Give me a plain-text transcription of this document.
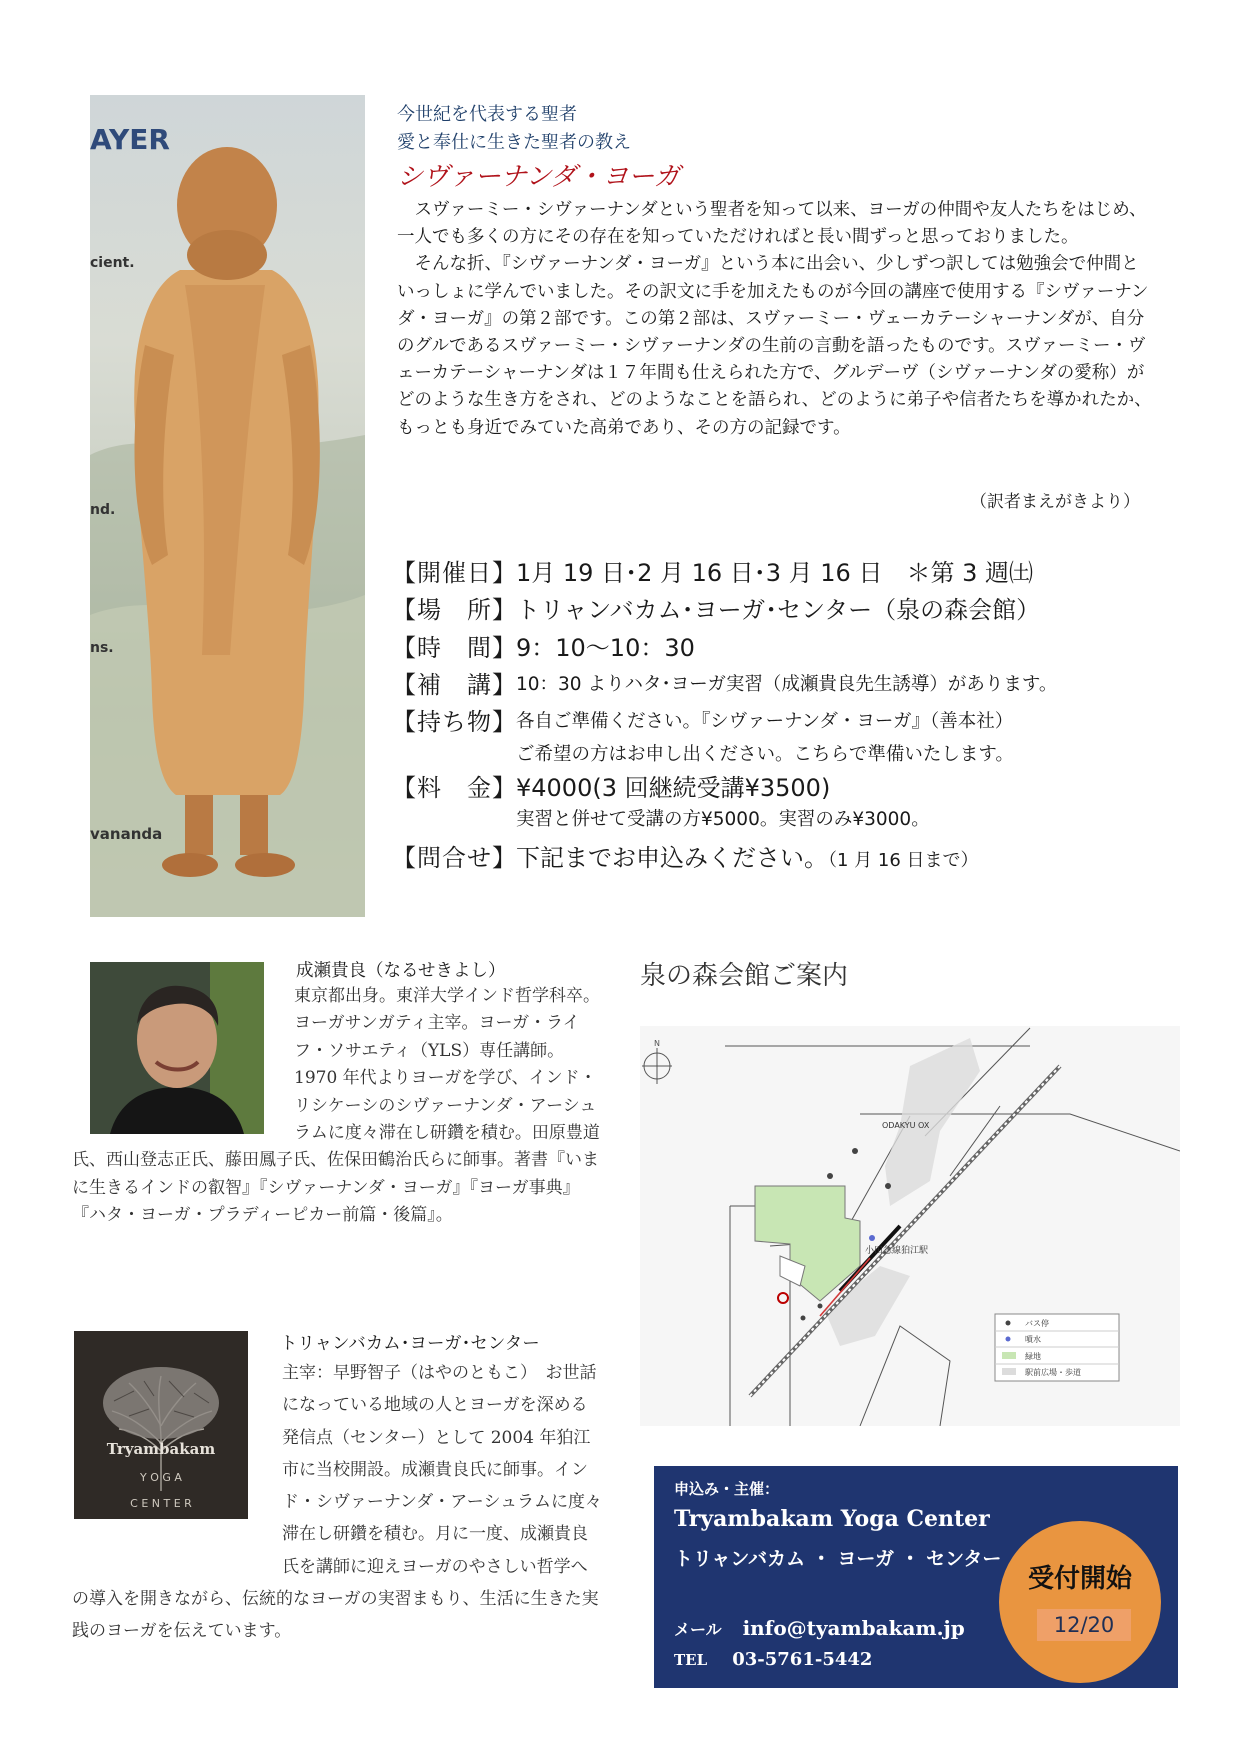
AYER
cient.
nd.
ns.
vananda
今世紀を代表する聖者
愛と奉仕に生きた聖者の教え
シヴァーナンダ・ヨーガ

スヴァーミー・シヴァーナンダという聖者を知って以来、ヨーガの仲間や友人たちをはじめ、一人でも多くの方にその存在を知っていただければと長い間ずっと思っておりました。

そんな折、『シヴァーナンダ・ヨーガ』という本に出会い、少しずつ訳しては勉強会で仲間といっしょに学んでいました。その訳文に手を加えたものが今回の講座で使用する『シヴァーナンダ・ヨーガ』の第２部です。この第２部は、スヴァーミー・ヴェーカテーシャーナンダが、自分のグルであるスヴァーミー・シヴァーナンダの生前の言動を語ったものです。スヴァーミー・ヴェーカテーシャーナンダは１７年間も仕えられた方で、グルデーヴ（シヴァーナンダの愛称）がどのような生き方をされ、どのようなことを語られ、どのように弟子や信者たちを導かれたか、もっとも身近でみていた高弟であり、その方の記録です。

（訳者まえがきより）
【開催日】 1月 19 日･2 月 16 日･3 月 16 日　＊第 3 週㈯
【場　所】 トリャンバカム･ヨーガ･センター（泉の森会館）
【時　間】 9：10～10：30
【補　講】 10：30 よりハタ･ヨーガ実習（成瀬貴良先生誘導）があります。
【持ち物】 各自ご準備ください。『シヴァーナンダ・ヨーガ』（善本社）
ご希望の方はお申し出ください。こちらで準備いたします。
【料　金】 ¥4000(3 回継続受講¥3500)
実習と併せて受講の方¥5000。実習のみ¥3000。
【問合せ】 下記までお申込みください。（1 月 16 日まで）
成瀬貴良（なるせきよし）
東京都出身。東洋大学インド哲学科卒。ヨーガサンガティ主宰。ヨーガ・ライフ・ソサエティ（YLS）専任講師。1970 年代よりヨーガを学び、インド・リシケーシのシヴァーナンダ・アーシュラムに度々滞在し研鑽を積む。田原豊道氏、西山登志正氏、藤田鳳子氏、佐保田鶴治氏らに師事。著書『いまに生きるインドの叡智』『シヴァーナンダ・ヨーガ』『ヨーガ事典』『ハタ・ヨーガ・プラディーピカー前篇・後篇』。
Tryambakam
Y O G A
C E N T E R
トリャンバカム･ヨーガ･センター
主宰：早野智子（はやのともこ）　お世話になっている地域の人とヨーガを深める発信点（センター）として 2004 年狛江市に当校開設。成瀬貴良氏に師事。インド・シヴァーナンダ・アーシュラムに度々滞在し研鑽を積む。月に一度、成瀬貴良氏を講師に迎えヨーガのやさしい哲学への導入を開きながら、伝統的なヨーガの実習まもり、生活に生きた実践のヨーガを伝えています。
泉の森会館ご案内
N
ODAKYU OX
小田急線狛江駅
バス停
噴水
緑地
駅前広場・歩道
申込み・主催：
Tryambakam Yoga Center
トリャンバカム ・ ヨーガ ・ センター
メール info@tyambakam.jp
TEL 03-5761-5442
受付開始
12/20
